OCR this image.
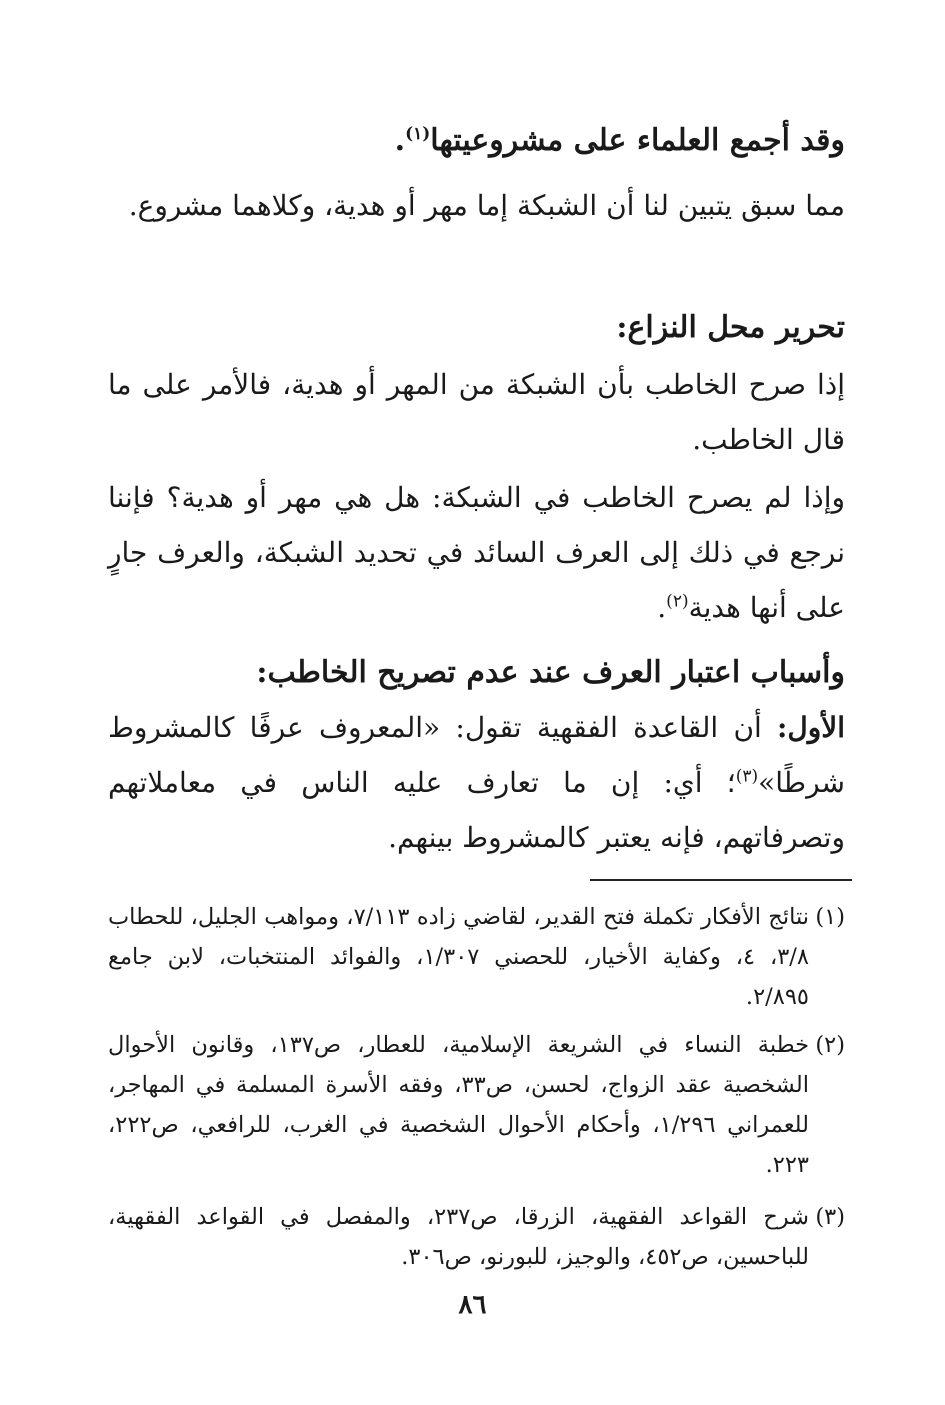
وقد أجمع العلماء على مشروعيتها$^{(١)}$.
مما سبق يتبين لنا أن الشبكة إما مهر أو هدية، وكلاهما مشروع.
تحرير محل النزاع:
إذا صرح الخاطب بأن الشبكة من المهر أو هدية، فالأمر على ما قال الخاطب.
وإذا لم يصرح الخاطب في الشبكة: هل هي مهر أو هدية؟ فإننا نرجع في ذلك إلى العرف السائد في تحديد الشبكة، والعرف جارٍ على أنها هدية$^{(٢)}$.
وأسباب اعتبار العرف عند عدم تصريح الخاطب:
الأول: أن القاعدة الفقهية تقول: «المعروف عرفًا كالمشروط شرطًا»$^{(٣)}$؛ أي: إن ما تعارف عليه الناس في معاملاتهم وتصرفاتهم، فإنه يعتبر كالمشروط بينهم.
(١)
نتائج الأفكار تكملة فتح القدير، لقاضي زاده ٧/١١٣، ومواهب الجليل، للحطاب ٣/٨، ٤، وكفاية الأخيار، للحصني ١/٣٠٧، والفوائد المنتخبات، لابن جامع ٢/٨٩٥.
(٢)
خطبة النساء في الشريعة الإسلامية، للعطار، ص١٣٧، وقانون الأحوال الشخصية عقد الزواج، لحسن، ص٣٣، وفقه الأسرة المسلمة في المهاجر، للعمراني ١/٢٩٦، وأحكام الأحوال الشخصية في الغرب، للرافعي، ص٢٢٢، ٢٢٣.
(٣)
شرح القواعد الفقهية، الزرقا، ص٢٣٧، والمفصل في القواعد الفقهية، للباحسين، ص٤٥٢، والوجيز، للبورنو، ص٣٠٦.
٨٦
